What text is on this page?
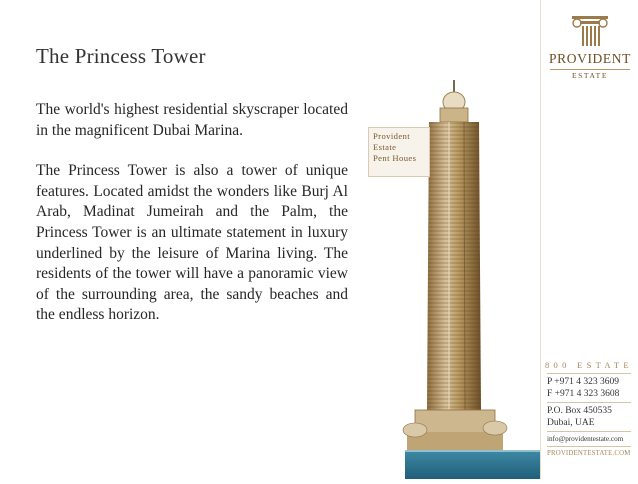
The Princess Tower

The world's highest residential skyscraper located in the magnificent Dubai Marina.

The Princess Tower is also a tower of unique features. Located amidst the wonders like Burj Al Arab, Madinat Jumeirah and the Palm, the Princess Tower is an ultimate statement in luxury underlined by the leisure of Marina living. The residents of the tower will have a panoramic view of the surrounding area, the sandy beaches and the endless horizon.

Provident
Estate
Pent Houes
PROVIDENT
ESTATE
800 ESTATE
P +971 4 323 3609
F +971 4 323 3608
P.O. Box 450535
Dubai, UAE
info@providentestate.com
PROVIDENTESTATE.COM
